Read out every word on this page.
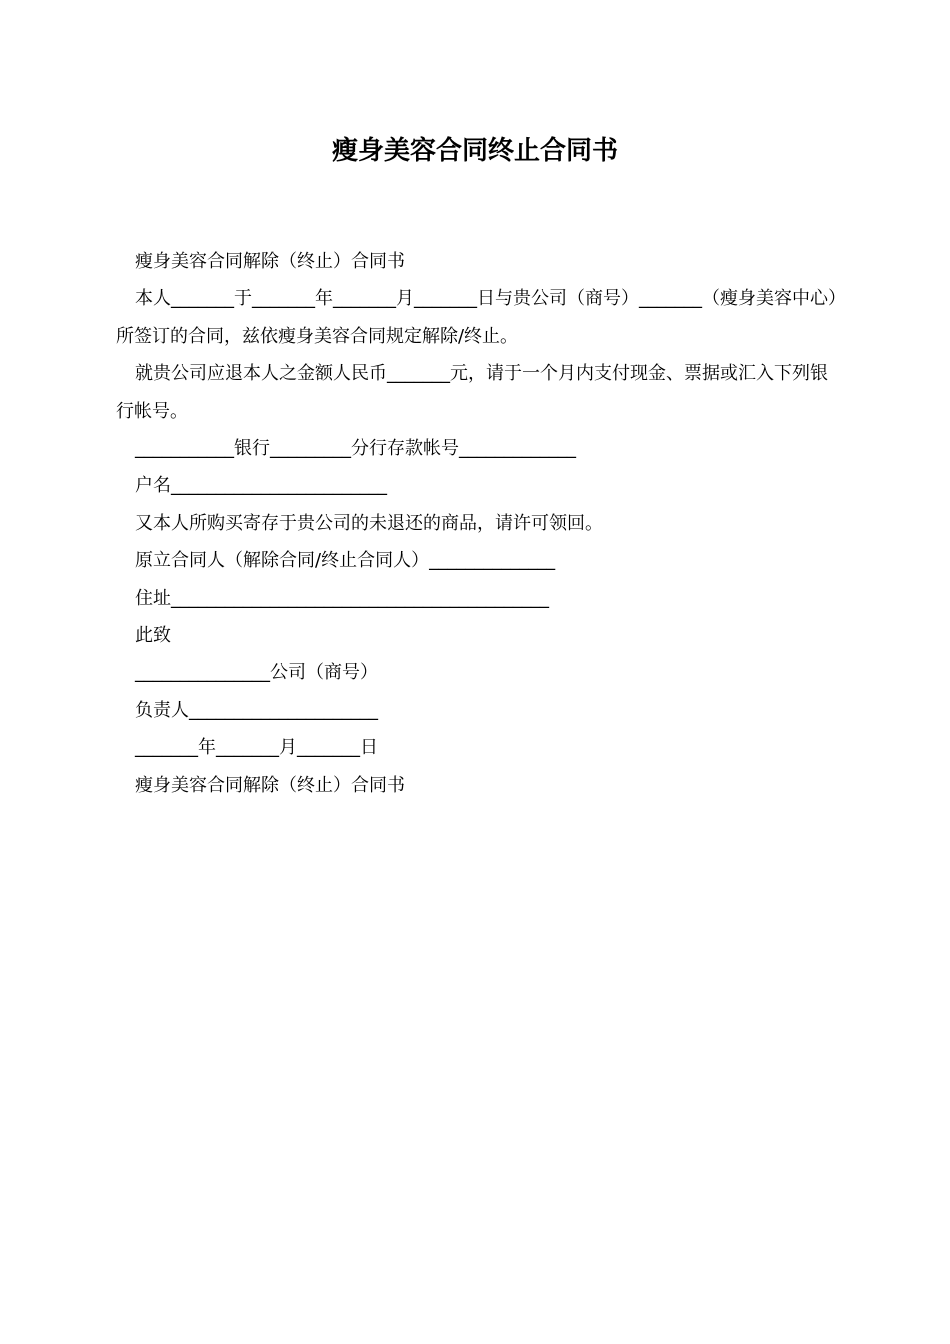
瘦身美容合同终止合同书

瘦身美容合同解除（终止）合同书

本人_______于_______年_______月_______日与贵公司（商号）_______（瘦身美容中心）所签订的合同，兹依瘦身美容合同规定解除/终止。

就贵公司应退本人之金额人民币_______元，请于一个月内支付现金、票据或汇入下列银行帐号。

___________银行_________分行存款帐号_____________

户名________________________

又本人所购买寄存于贵公司的未退还的商品，请许可领回。

原立合同人（解除合同/终止合同人）______________

住址__________________________________________

此致

_______________公司（商号）

负责人_____________________

_______年_______月_______日

瘦身美容合同解除（终止）合同书
